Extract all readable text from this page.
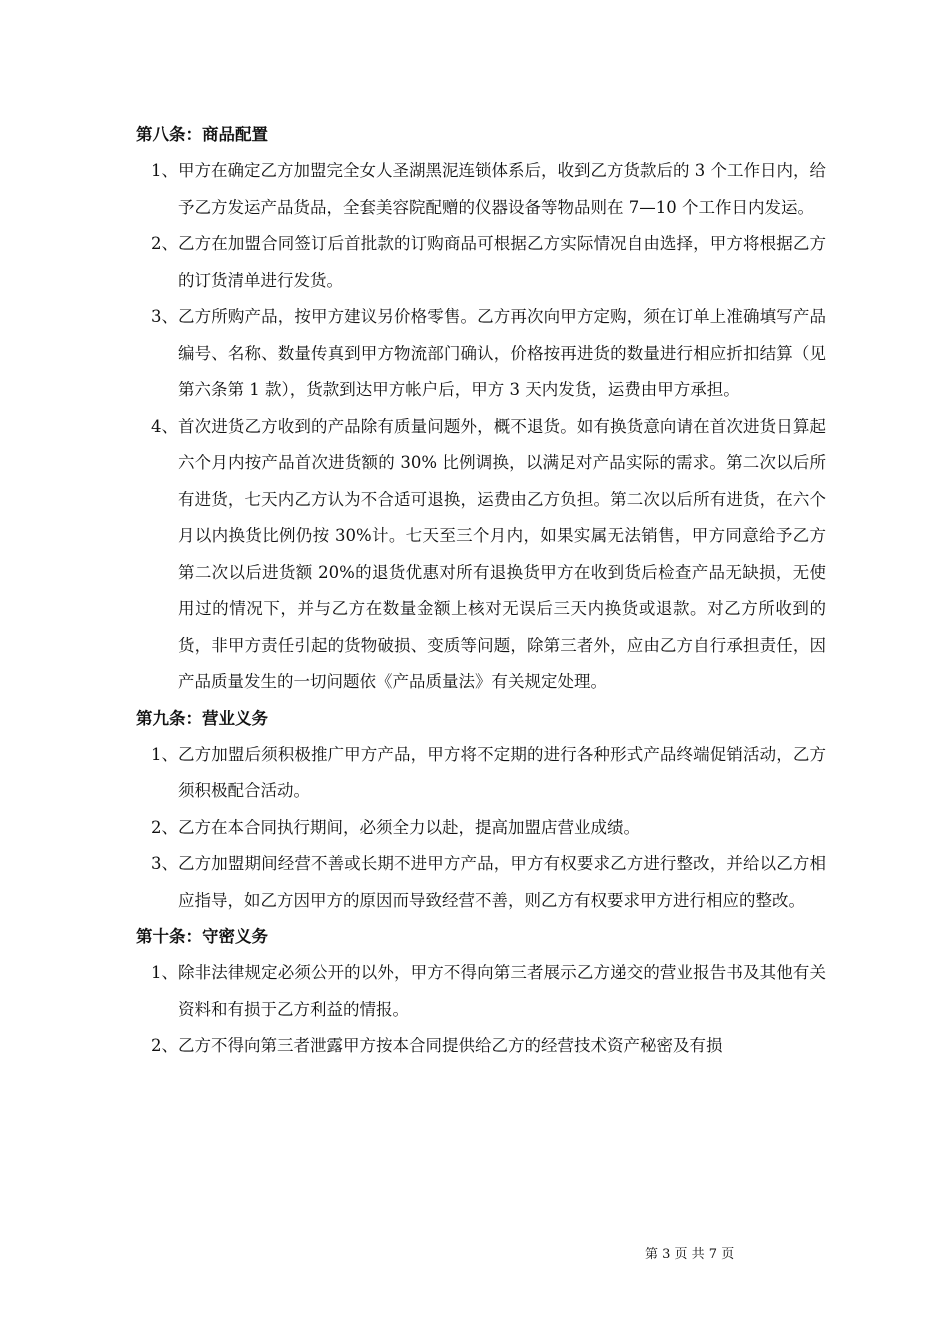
第八条：商品配置

1、 甲方在确定乙方加盟完全女人圣湖黑泥连锁体系后，收到乙方货款后的 3 个工作日内，给予乙方发运产品货品，全套美容院配赠的仪器设备等物品则在 7—10 个工作日内发运。
2、 乙方在加盟合同签订后首批款的订购商品可根据乙方实际情况自由选择，甲方将根据乙方的订货清单进行发货。
3、 乙方所购产品，按甲方建议另价格零售。乙方再次向甲方定购，须在订单上准确填写产品编号、名称、数量传真到甲方物流部门确认，价格按再进货的数量进行相应折扣结算（见第六条第 1 款），货款到达甲方帐户后，甲方 3 天内发货，运费由甲方承担。
4、 首次进货乙方收到的产品除有质量问题外，概不退货。如有换货意向请在首次进货日算起六个月内按产品首次进货额的 30% 比例调换，以满足对产品实际的需求。第二次以后所有进货，七天内乙方认为不合适可退换，运费由乙方负担。第二次以后所有进货，在六个月以内换货比例仍按 30%计。七天至三个月内，如果实属无法销售，甲方同意给予乙方第二次以后进货额 20%的退货优惠对所有退换货甲方在收到货后检查产品无缺损，无使用过的情况下，并与乙方在数量金额上核对无误后三天内换货或退款。对乙方所收到的货，非甲方责任引起的货物破损、变质等问题，除第三者外，应由乙方自行承担责任，因产品质量发生的一切问题依《产品质量法》有关规定处理。

第九条：营业义务

1、 乙方加盟后须积极推广甲方产品，甲方将不定期的进行各种形式产品终端促销活动，乙方须积极配合活动。
2、 乙方在本合同执行期间，必须全力以赴，提高加盟店营业成绩。
3、 乙方加盟期间经营不善或长期不进甲方产品，甲方有权要求乙方进行整改，并给以乙方相应指导，如乙方因甲方的原因而导致经营不善，则乙方有权要求甲方进行相应的整改。

第十条：守密义务

1、 除非法律规定必须公开的以外，甲方不得向第三者展示乙方递交的营业报告书及其他有关资料和有损于乙方利益的情报。
2、 乙方不得向第三者泄露甲方按本合同提供给乙方的经营技术资产秘密及有损
第 3 页 共 7 页
